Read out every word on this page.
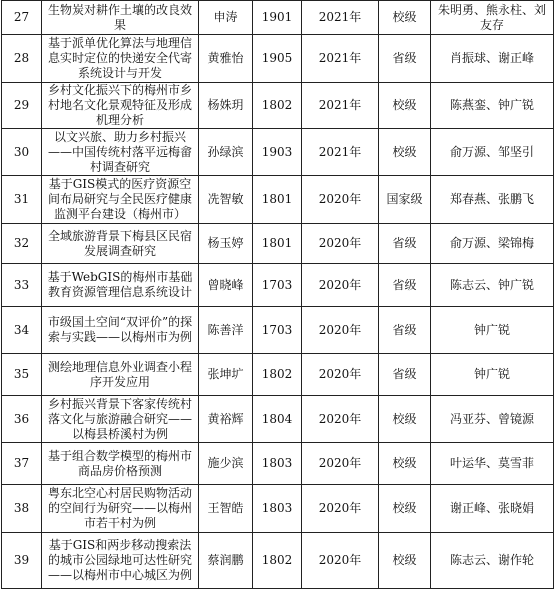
27	生物炭对耕作土壤的改良效果	申涛	1901	2021年	校级	朱明勇、熊永柱、刘友存
28	基于派单优化算法与地理信息实时定位的快递安全代寄系统设计与开发	黄雅怡	1905	2021年	省级	肖振球、谢正峰
29	乡村文化振兴下的梅州市乡村地名文化景观特征及形成机理分析	杨姝玥	1802	2021年	校级	陈燕銮、钟广锐
30	以文兴旅、助力乡村振兴——中国传统村落平远梅畲村调查研究	孙绿滨	1903	2021年	校级	俞万源、邹坚引
31	基于GIS模式的医疗资源空间布局研究与全民医疗健康监测平台建设（梅州市）	冼智敏	1801	2020年	国家级	郑春燕、张鹏飞
32	全域旅游背景下梅县区民宿发展调查研究	杨玉婷	1801	2020年	省级	俞万源、梁锦梅
33	基于WebGIS的梅州市基础教育资源管理信息系统设计	曾晓峰	1703	2020年	省级	陈志云、钟广锐
34	市级国土空间“双评价”的探索与实践——以梅州市为例	陈善洋	1703	2020年	省级	钟广锐
35	测绘地理信息外业调查小程序开发应用	张坤圹	1802	2020年	省级	钟广锐
36	乡村振兴背景下客家传统村落文化与旅游融合研究——以梅县桥溪村为例	黄裕辉	1804	2020年	校级	冯亚芬、曾镜源
37	基于组合数学模型的梅州市商品房价格预测	施少滨	1803	2020年	校级	叶运华、莫雪菲
38	粤东北空心村居民购物活动的空间行为研究——以梅州市若干村为例	王智皓	1803	2020年	校级	谢正峰、张晓娟
39	基于GIS和两步移动搜索法的城市公园绿地可达性研究——以梅州市中心城区为例	蔡润鹏	1802	2020年	校级	陈志云、谢作轮
